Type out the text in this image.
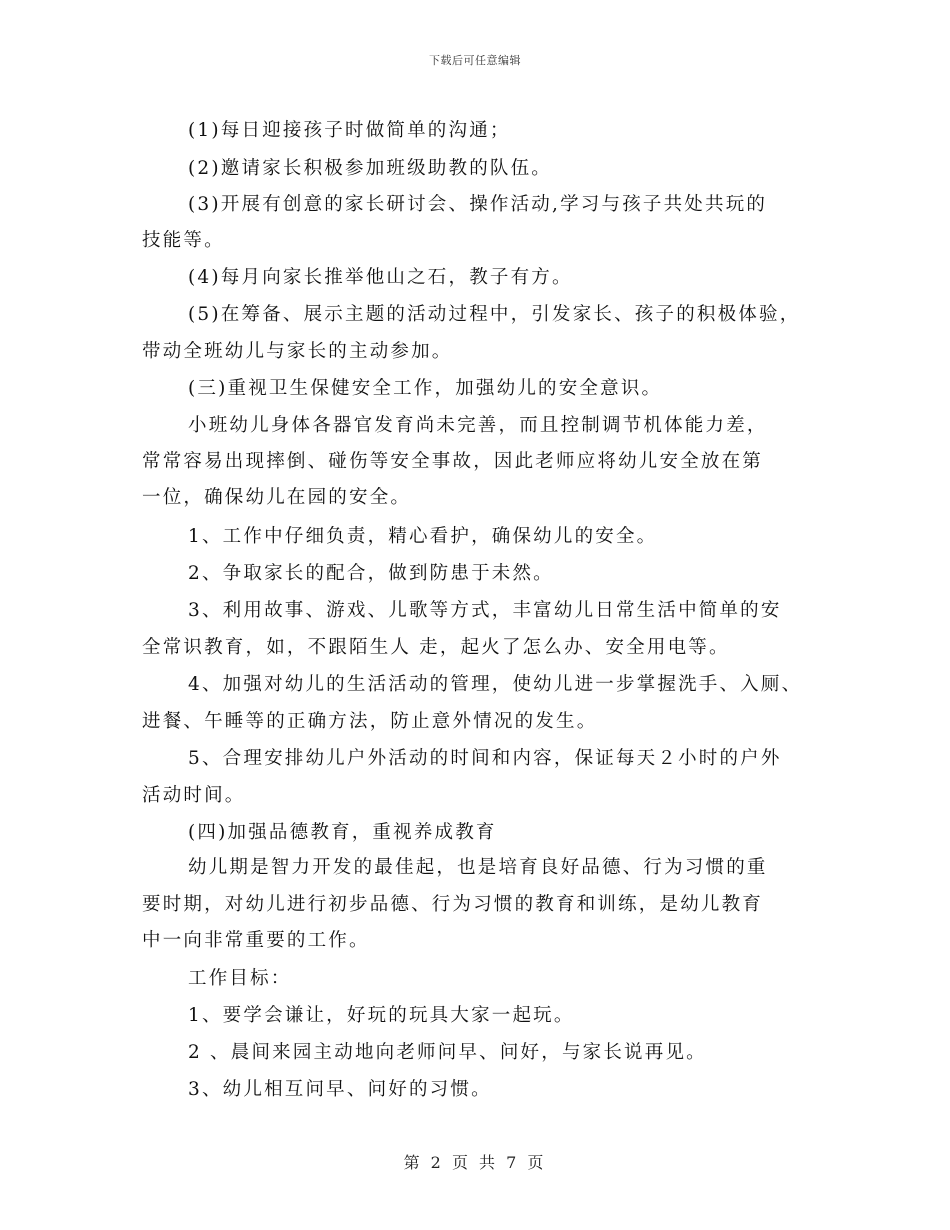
下载后可任意编辑
(1)每日迎接孩子时做简单的沟通；
(2)邀请家长积极参加班级助教的队伍。
(3)开展有创意的家长研讨会、操作活动,学习与孩子共处共玩的
技能等。
(4)每月向家长推举他山之石，教子有方。
(5)在筹备、展示主题的活动过程中，引发家长、孩子的积极体验，
带动全班幼儿与家长的主动参加。
(三)重视卫生保健安全工作，加强幼儿的安全意识。
小班幼儿身体各器官发育尚未完善，而且控制调节机体能力差，
常常容易出现摔倒、碰伤等安全事故，因此老师应将幼儿安全放在第
一位，确保幼儿在园的安全。
1、工作中仔细负责，精心看护，确保幼儿的安全。
2、争取家长的配合，做到防患于未然。
3、利用故事、游戏、儿歌等方式，丰富幼儿日常生活中简单的安
全常识教育，如，不跟陌生人 走，起火了怎么办、安全用电等。
4、加强对幼儿的生活活动的管理，使幼儿进一步掌握洗手、入厕、
进餐、午睡等的正确方法，防止意外情况的发生。
5、合理安排幼儿户外活动的时间和内容，保证每天２小时的户外
活动时间。
(四)加强品德教育，重视养成教育
幼儿期是智力开发的最佳起，也是培育良好品德、行为习惯的重
要时期，对幼儿进行初步品德、行为习惯的教育和训练，是幼儿教育
中一向非常重要的工作。
工作目标：
1、要学会谦让，好玩的玩具大家一起玩。
2 、晨间来园主动地向老师问早、问好，与家长说再见。
3、幼儿相互问早、问好的习惯。
第 2 页 共 7 页
